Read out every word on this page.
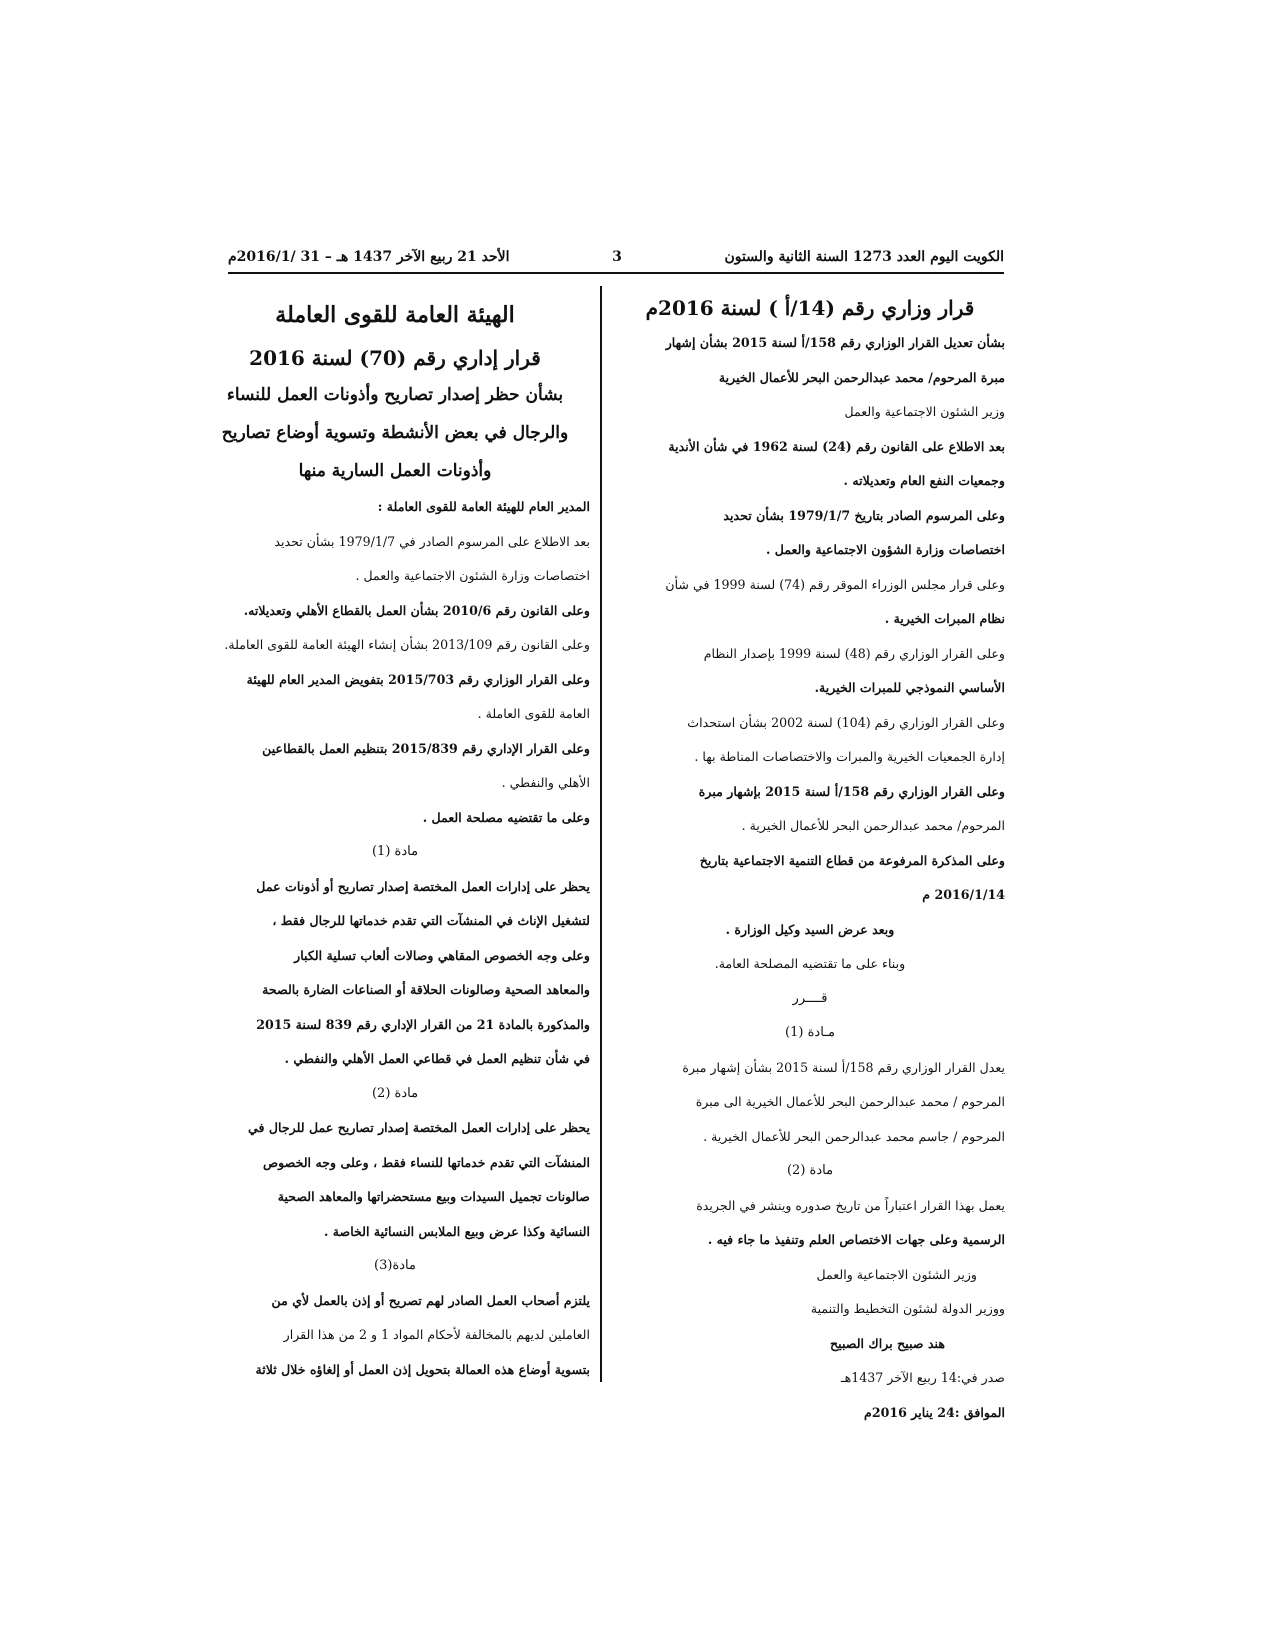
الأحد 21 ربيع الآخر 1437 هـ – 31 /2016/1م	3	الكويت اليوم العدد 1273 السنة الثانية والستون

قرار وزاري رقم (14/أ ) لسنة 2016م

بشأن تعديل القرار الوزاري رقم 158/أ لسنة 2015 بشأن إشهار

مبرة المرحوم/ محمد عبدالرحمن البحر للأعمال الخيرية

وزير الشئون الاجتماعية والعمل

بعد الاطلاع على القانون رقم (24) لسنة 1962 في شأن الأندية

وجمعيات النفع العام وتعديلاته .

وعلى المرسوم الصادر بتاريخ 1979/1/7 بشأن تحديد

اختصاصات وزارة الشؤون الاجتماعية والعمل .

وعلى قرار مجلس الوزراء الموقر رقم (74) لسنة 1999 في شأن

نظام المبرات الخيرية .

وعلى القرار الوزاري رقم (48) لسنة 1999 بإصدار النظام

الأساسي النموذجي للمبرات الخيرية.

وعلى القرار الوزاري رقم (104) لسنة 2002 بشأن استحداث

إدارة الجمعيات الخيرية والمبرات والاختصاصات المناطة بها .

وعلى القرار الوزاري رقم 158/أ لسنة 2015 بإشهار مبرة

المرحوم/ محمد عبدالرحمن البحر للأعمال الخيرية .

وعلى المذكرة المرفوعة من قطاع التنمية الاجتماعية بتاريخ

2016/1/14 م

وبعد عرض السيد وكيل الوزارة .

وبناء على ما تقتضيه المصلحة العامة.

قــــرر

مـادة (1)

يعدل القرار الوزاري رقم 158/أ لسنة 2015 بشأن إشهار مبرة

المرحوم / محمد عبدالرحمن البحر للأعمال الخيرية الى مبرة

المرحوم / جاسم محمد عبدالرحمن البحر للأعمال الخيرية .

مادة (2)

يعمل بهذا القرار اعتباراً من تاريخ صدوره وينشر في الجريدة

الرسمية وعلى جهات الاختصاص العلم وتنفيذ ما جاء فيه .

وزير الشئون الاجتماعية والعمل

ووزير الدولة لشئون التخطيط والتنمية

هند صبيح براك الصبيح

صدر في:14 ربيع الآخر 1437هـ

الموافق :24 يناير 2016م

الهيئة العامة للقوى العاملة

قرار إداري رقم (70) لسنة 2016

بشأن حظر إصدار تصاريح وأذونات العمل للنساء

والرجال في بعض الأنشطة وتسوية أوضاع تصاريح

وأذونات العمل السارية منها

المدير العام للهيئة العامة للقوى العاملة :

بعد الاطلاع على المرسوم الصادر في 1979/1/7 بشأن تحديد

اختصاصات وزارة الشئون الاجتماعية والعمل .

وعلى القانون رقم 2010/6 بشأن العمل بالقطاع الأهلي وتعديلاته.

وعلى القانون رقم 2013/109 بشأن إنشاء الهيئة العامة للقوى العاملة.

وعلى القرار الوزاري رقم 2015/703 بتفويض المدير العام للهيئة

العامة للقوى العاملة .

وعلى القرار الإداري رقم 2015/839 بتنظيم العمل بالقطاعين

الأهلي والنفطي .

وعلى ما تقتضيه مصلحة العمل .

مادة (1)

يحظر على إدارات العمل المختصة إصدار تصاريح أو أذونات عمل

لتشغيل الإناث في المنشآت التي تقدم خدماتها للرجال فقط ،

وعلى وجه الخصوص المقاهي وصالات ألعاب تسلية الكبار

والمعاهد الصحية وصالونات الحلاقة أو الصناعات الضارة بالصحة

والمذكورة بالمادة 21 من القرار الإداري رقم 839 لسنة 2015

في شأن تنظيم العمل في قطاعي العمل الأهلي والنفطي .

مادة (2)

يحظر على إدارات العمل المختصة إصدار تصاريح عمل للرجال في

المنشآت التي تقدم خدماتها للنساء فقط ، وعلى وجه الخصوص

صالونات تجميل السيدات وبيع مستحضراتها والمعاهد الصحية

النسائية وكذا عرض وبيع الملابس النسائية الخاصة .

مادة(3)

يلتزم أصحاب العمل الصادر لهم تصريح أو إذن بالعمل لأي من

العاملين لديهم بالمخالفة لأحكام المواد 1 و 2 من هذا القرار

بتسوية أوضاع هذه العمالة بتحويل إذن العمل أو إلغاؤه خلال ثلاثة
